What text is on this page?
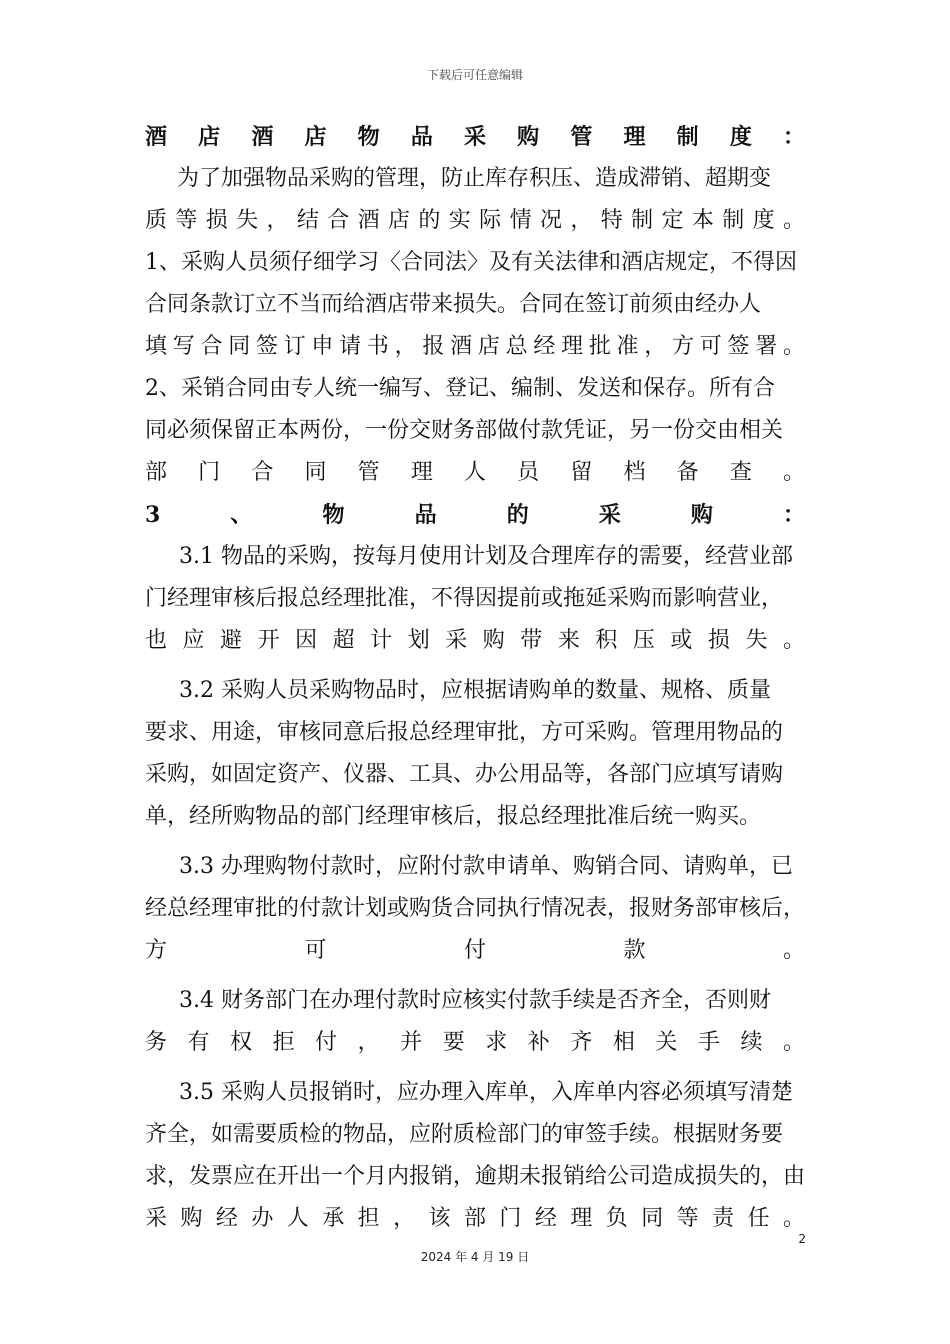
下载后可任意编辑
酒店酒店物品采购管理制度：
为了加强物品采购的管理，防止库存积压、造成滞销、超期变
质等损失，结合酒店的实际情况，特制定本制度。
1、采购人员须仔细学习〈合同法〉及有关法律和酒店规定，不得因
合同条款订立不当而给酒店带来损失。合同在签订前须由经办人
填写合同签订申请书，报酒店总经理批准，方可签署。
2、采销合同由专人统一编写、登记、编制、发送和保存。所有合
同必须保留正本两份，一份交财务部做付款凭证，另一份交由相关
部门合同管理人员留档备查。
3、物品的采购：
3.1 物品的采购，按每月使用计划及合理库存的需要，经营业部
门经理审核后报总经理批准，不得因提前或拖延采购而影响营业，
也应避开因超计划采购带来积压或损失。
3.2 采购人员采购物品时，应根据请购单的数量、规格、质量
要求、用途，审核同意后报总经理审批，方可采购。管理用物品的
采购，如固定资产、仪器、工具、办公用品等，各部门应填写请购
单，经所购物品的部门经理审核后，报总经理批准后统一购买。
3.3 办理购物付款时，应附付款申请单、购销合同、请购单，已
经总经理审批的付款计划或购货合同执行情况表，报财务部审核后，
方可付款。
3.4 财务部门在办理付款时应核实付款手续是否齐全，否则财
务有权拒付，并要求补齐相关手续。
3.5 采购人员报销时，应办理入库单，入库单内容必须填写清楚
齐全，如需要质检的物品，应附质检部门的审签手续。根据财务要
求，发票应在开出一个月内报销，逾期未报销给公司造成损失的，由
采购经办人承担，该部门经理负同等责任。
2
2024 年 4 月 19 日
